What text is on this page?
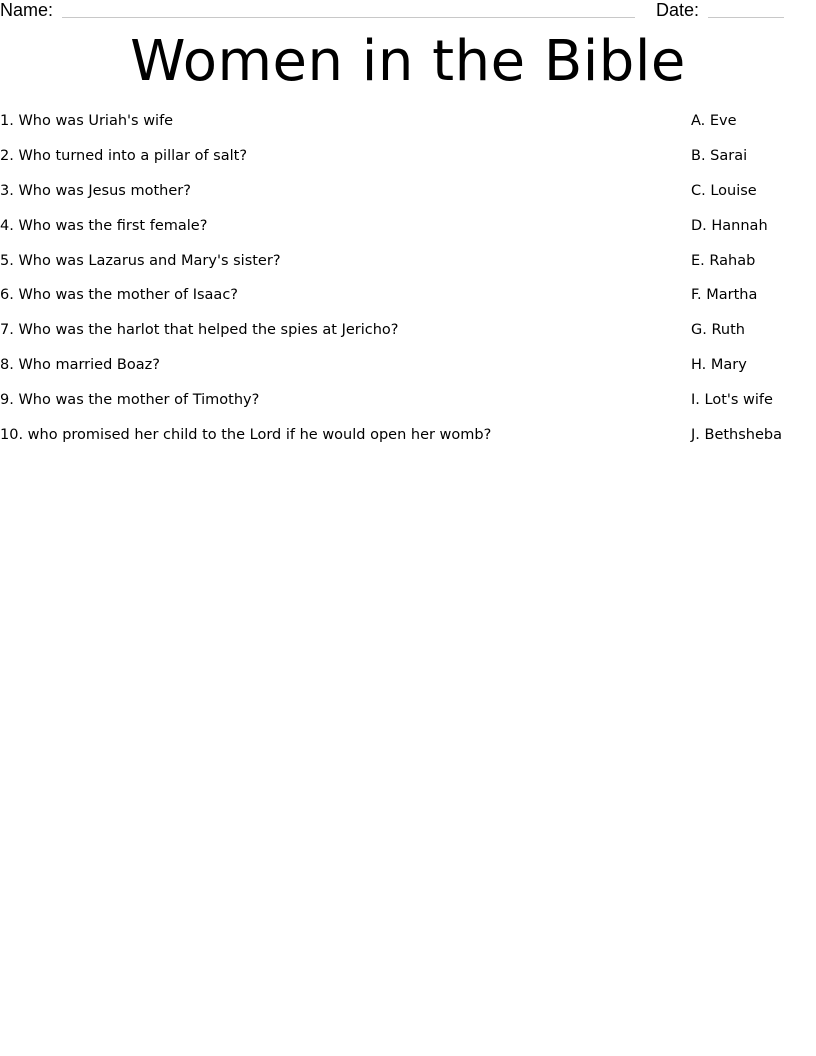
Name:	Date:
Women in the Bible
1. Who was Uriah's wife
2. Who turned into a pillar of salt?
3. Who was Jesus mother?
4. Who was the first female?
5. Who was Lazarus and Mary's sister?
6. Who was the mother of Isaac?
7. Who was the harlot that helped the spies at Jericho?
8. Who married Boaz?
9. Who was the mother of Timothy?
10. who promised her child to the Lord if he would open her womb?
A. Eve
B. Sarai
C. Louise
D. Hannah
E. Rahab
F. Martha
G. Ruth
H. Mary
I. Lot's wife
J. Bethsheba
